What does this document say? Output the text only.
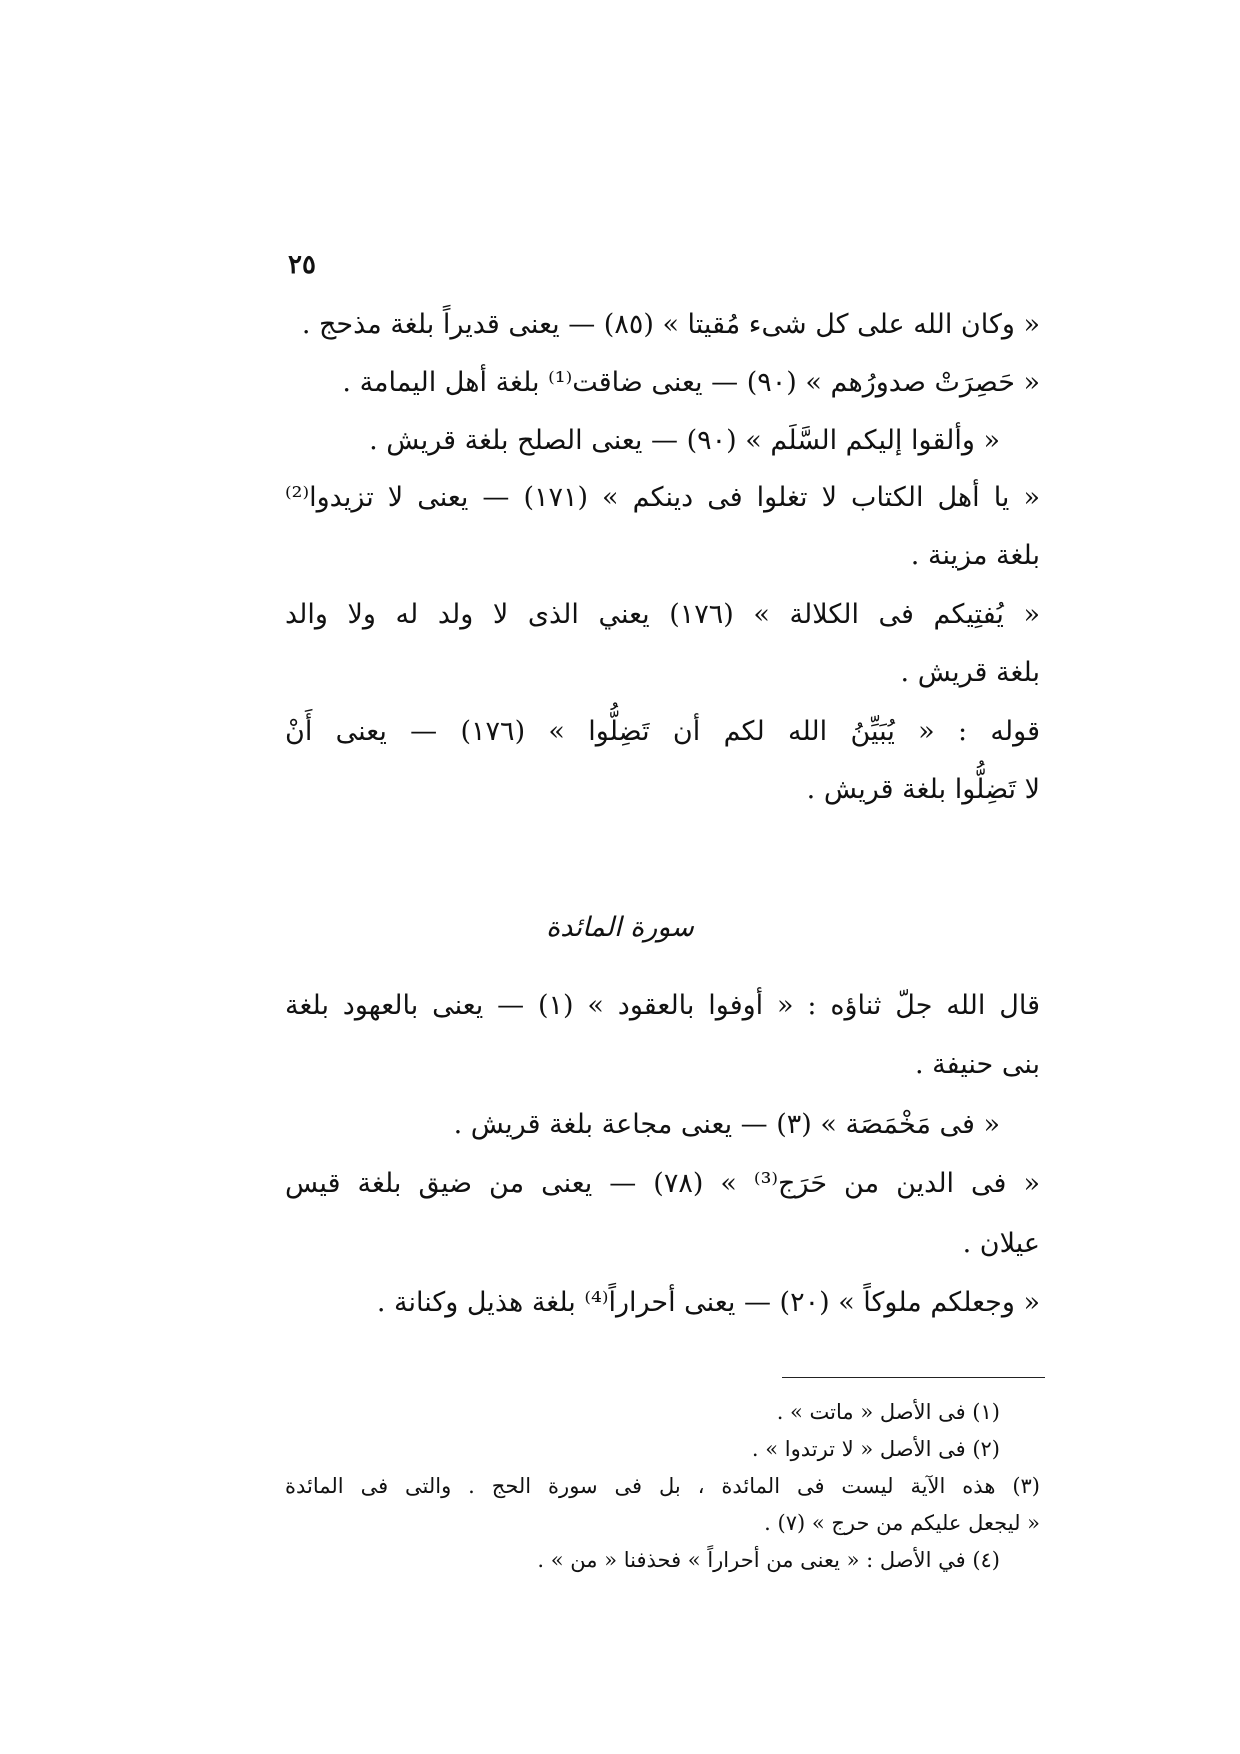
٢٥
« وكان الله على كل شىء مُقيتا » (٨٥) — يعنى قديراً بلغة مذحج .
« حَصِرَتْ صدورُهم » (٩٠) — يعنى ضاقت⁽¹⁾ بلغة أهل اليمامة .
« وألقوا إليكم السَّلَم » (٩٠) — يعنى الصلح بلغة قريش .
« يا أهل الكتاب لا تغلوا فى دينكم » (١٧١) — يعنى لا تزيدوا⁽²⁾
بلغة مزينة .
« يُفتِيكم فى الكلالة » (١٧٦) يعني الذى لا ولد له ولا والد
بلغة قريش .
قوله : « يُبَيِّنُ الله لكم أن تَضِلُّوا » (١٧٦) — يعنى أَنْ
لا تَضِلُّوا بلغة قريش .
سورة المائدة
قال الله جلّ ثناؤه : « أوفوا بالعقود » (١) — يعنى بالعهود بلغة
بنى حنيفة .
« فى مَخْمَصَة » (٣) — يعنى مجاعة بلغة قريش .
« فى الدين من حَرَج⁽³⁾ » (٧٨) — يعنى من ضيق بلغة قيس
عيلان .
« وجعلكم ملوكاً » (٢٠) — يعنى أحراراً⁽⁴⁾ بلغة هذيل وكنانة .
(١) فى الأصل « ماتت » .
(٢) فى الأصل « لا ترتدوا » .
(٣) هذه الآية ليست فى المائدة ، بل فى سورة الحج . والتى فى المائدة
« ليجعل عليكم من حرج » (٧) .
(٤) في الأصل : « يعنى من أحراراً » فحذفنا « من » .
